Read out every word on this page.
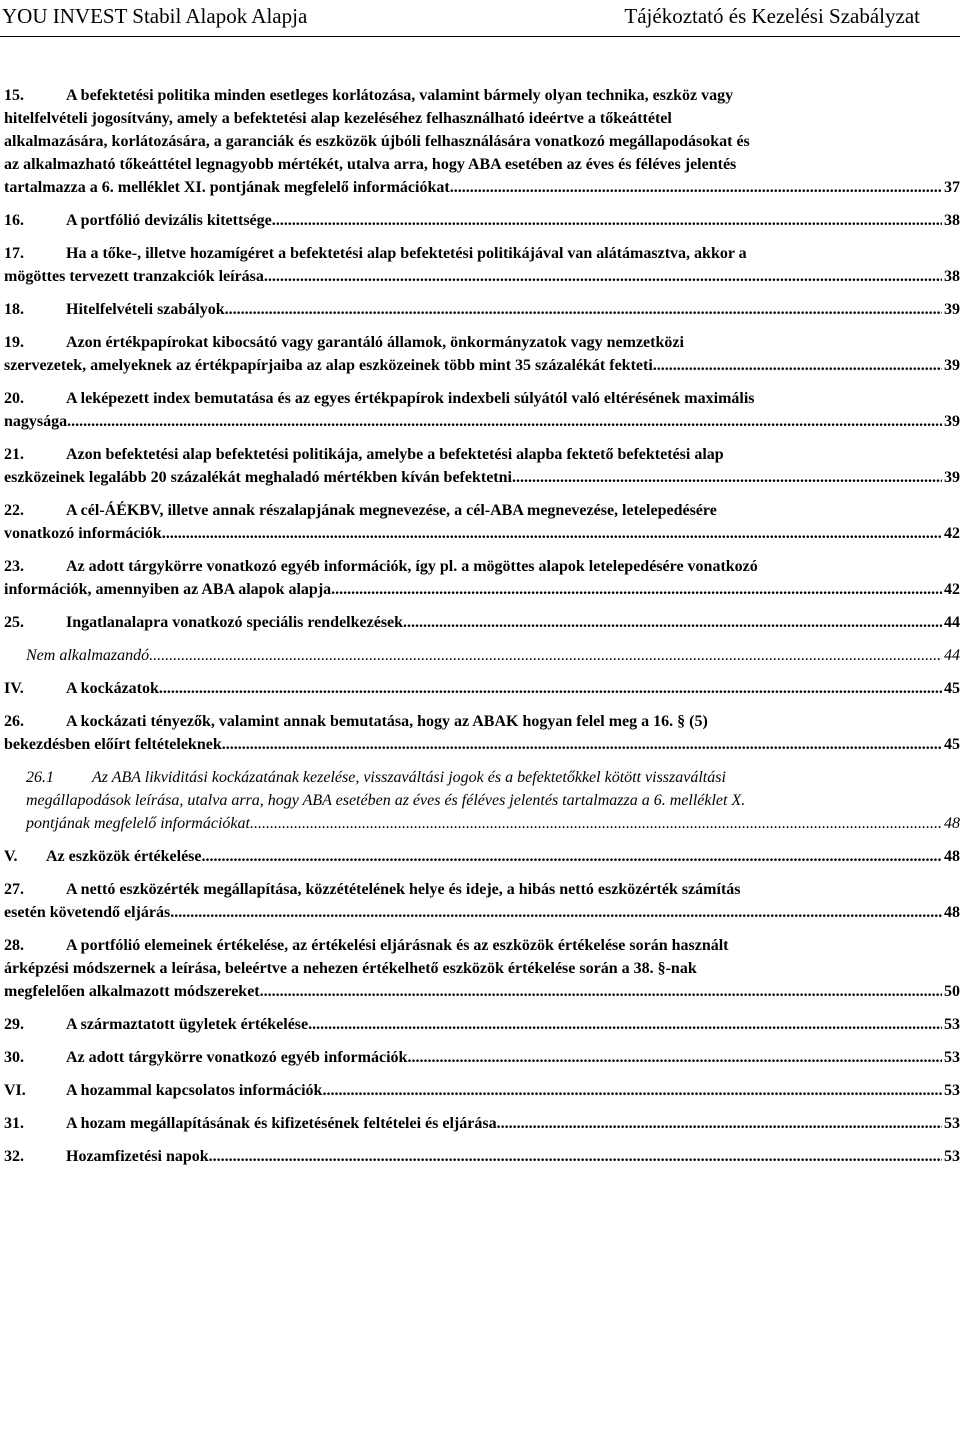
YOU INVEST Stabil Alapok Alapja	Tájékoztató és Kezelési Szabályzat
15.	A befektetési politika minden esetleges korlátozása, valamint bármely olyan technika, eszköz vagy
hitelfelvételi jogosítvány, amely a befektetési alap kezeléséhez felhasználható ideértve a tőkeáttétel
alkalmazására, korlátozására, a garanciák és eszközök újbóli felhasználására vonatkozó megállapodásokat és
az alkalmazható tőkeáttétel legnagyobb mértékét, utalva arra, hogy ABA esetében az éves és féléves jelentés
tartalmazza a 6. melléklet XI. pontjának megfelelő információkat .....	37
16.	A portfólió devizális kitettsége .....	38
17.	Ha a tőke-, illetve hozamígéret a befektetési alap befektetési politikájával van alátámasztva, akkor a
mögöttes tervezett tranzakciók leírása .....	38
18.	Hitelfelvételi szabályok .....	39
19.	Azon értékpapírokat kibocsátó vagy garantáló államok, önkormányzatok vagy nemzetközi
szervezetek, amelyeknek az értékpapírjaiba az alap eszközeinek több mint 35 százalékát fekteti .....	39
20.	A leképezett index bemutatása és az egyes értékpapírok indexbeli súlyától való eltérésének maximális
nagysága .....	39
21.	Azon befektetési alap befektetési politikája, amelybe a befektetési alapba fektető befektetési alap
eszközeinek legalább 20 százalékát meghaladó mértékben kíván befektetni .....	39
22.	A cél-ÁÉKBV, illetve annak részalapjának megnevezése, a cél-ABA megnevezése, letelepedésére
vonatkozó információk .....	42
23.	Az adott tárgykörre vonatkozó egyéb információk, így pl. a mögöttes alapok letelepedésére vonatkozó
információk, amennyiben az ABA alapok alapja .....	42
25.	Ingatlanalapra vonatkozó speciális rendelkezések .....	44
Nem alkalmazandó. .....	44
IV.	A kockázatok .....	45
26.	A kockázati tényezők, valamint annak bemutatása, hogy az ABAK hogyan felel meg a 16. § (5)
bekezdésben előírt feltételeknek .....	45
26.1 Az ABA likviditási kockázatának kezelése, visszaváltási jogok és a befektetőkkel kötött visszaváltási
megállapodások leírása, utalva arra, hogy ABA esetében az éves és féléves jelentés tartalmazza a 6. melléklet X.
pontjának megfelelő információkat .....	48
V.	Az eszközök értékelése .....	48
27.	A nettó eszközérték megállapítása, közzétételének helye és ideje, a hibás nettó eszközérték számítás
esetén követendő eljárás .....	48
28.	A portfólió elemeinek értékelése, az értékelési eljárásnak és az eszközök értékelése során használt
árképzési módszernek a leírása, beleértve a nehezen értékelhető eszközök értékelése során a 38. §-nak
megfelelően alkalmazott módszereket .....	50
29.	A származtatott ügyletek értékelése .....	53
30.	Az adott tárgykörre vonatkozó egyéb információk .....	53
VI.	A hozammal kapcsolatos információk .....	53
31.	A hozam megállapításának és kifizetésének feltételei és eljárása .....	53
32.	Hozamfizetési napok .....	53
